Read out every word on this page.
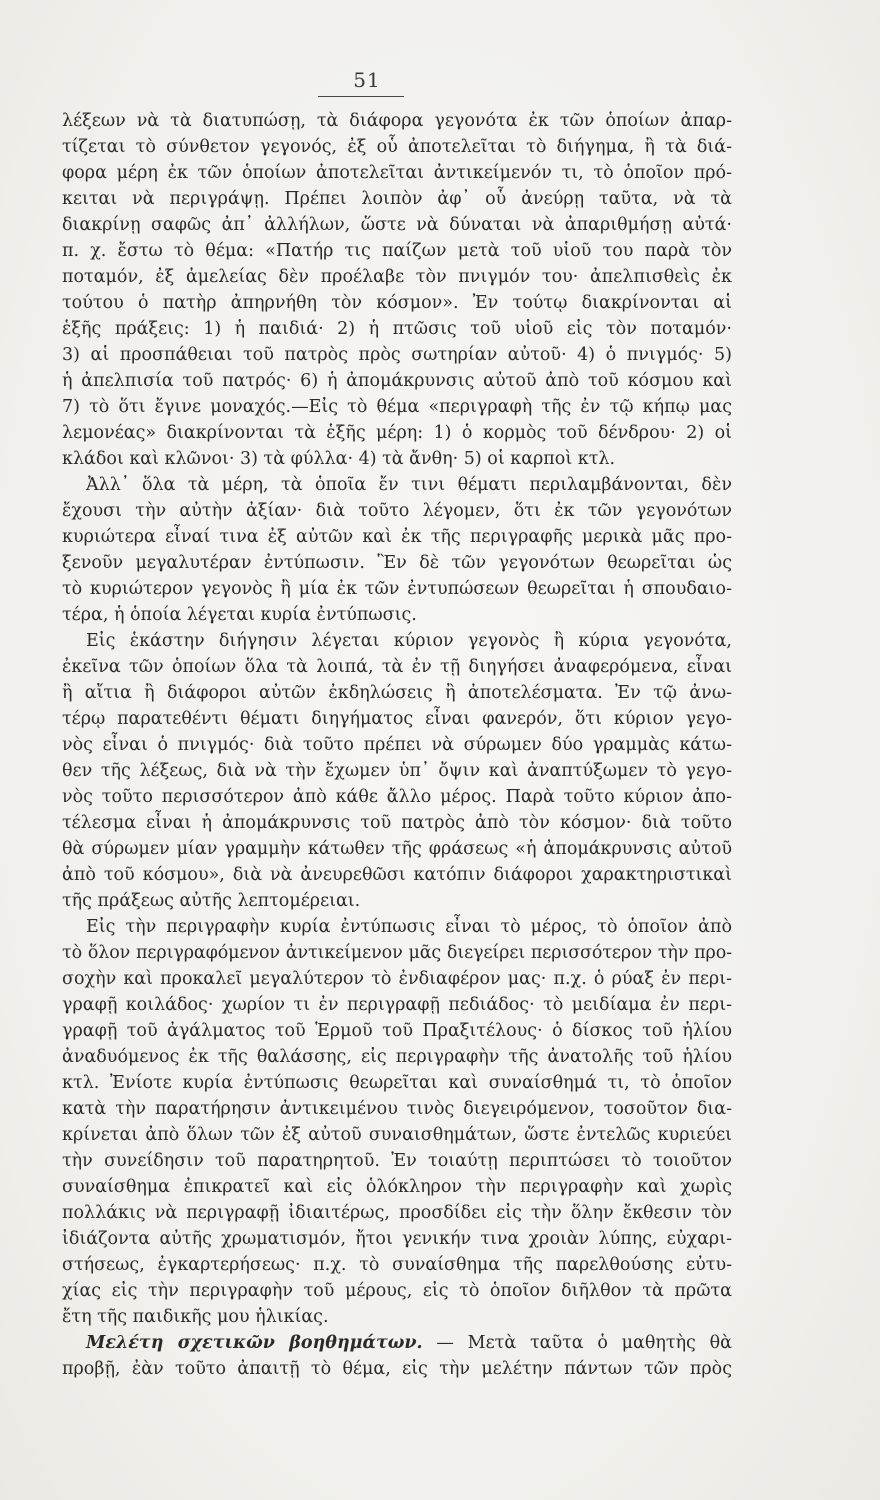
51
λέξεων νὰ τὰ διατυπώσῃ, τὰ διάφορα γεγονότα ἐκ τῶν ὁποίων ἀπαρ-
τίζεται τὸ σύνθετον γεγονός, ἐξ οὗ ἀποτελεῖται τὸ διήγημα, ἢ τὰ διά-
φορα μέρη ἐκ τῶν ὁποίων ἀποτελεῖται ἀντικείμενόν τι, τὸ ὁποῖον πρό-
κειται νὰ περιγράψῃ. Πρέπει λοιπὸν ἀφ᾽ οὗ ἀνεύρῃ ταῦτα, νὰ τὰ
διακρίνῃ σαφῶς ἀπ᾽ ἀλλήλων, ὥστε νὰ δύναται νὰ ἀπαριθμήσῃ αὐτά·
π. χ. ἔστω τὸ θέμα: «Πατήρ τις παίζων μετὰ τοῦ υἱοῦ του παρὰ τὸν
ποταμόν, ἐξ ἀμελείας δὲν προέλαβε τὸν πνιγμόν του· ἀπελπισθεὶς ἐκ
τούτου ὁ πατὴρ ἀπηρνήθη τὸν κόσμον». Ἐν τούτῳ διακρίνονται αἱ
ἑξῆς πράξεις: 1) ἡ παιδιά· 2) ἡ πτῶσις τοῦ υἱοῦ εἰς τὸν ποταμόν·
3) αἱ προσπάθειαι τοῦ πατρὸς πρὸς σωτηρίαν αὐτοῦ· 4) ὁ πνιγμός· 5)
ἡ ἀπελπισία τοῦ πατρός· 6) ἡ ἀπομάκρυνσις αὐτοῦ ἀπὸ τοῦ κόσμου καὶ
7) τὸ ὅτι ἔγινε μοναχός.—Εἰς τὸ θέμα «περιγραφὴ τῆς ἐν τῷ κήπῳ μας
λεμονέας» διακρίνονται τὰ ἑξῆς μέρη: 1) ὁ κορμὸς τοῦ δένδρου· 2) οἱ
κλάδοι καὶ κλῶνοι· 3) τὰ φύλλα· 4) τὰ ἄνθη· 5) οἱ καρποὶ κτλ.
Ἀλλ᾽ ὅλα τὰ μέρη, τὰ ὁποῖα ἔν τινι θέματι περιλαμβάνονται, δὲν
ἔχουσι τὴν αὐτὴν ἀξίαν· διὰ τοῦτο λέγομεν, ὅτι ἐκ τῶν γεγονότων
κυριώτερα εἶναί τινα ἐξ αὐτῶν καὶ ἐκ τῆς περιγραφῆς μερικὰ μᾶς προ-
ξενοῦν μεγαλυτέραν ἐντύπωσιν. Ἓν δὲ τῶν γεγονότων θεωρεῖται ὡς
τὸ κυριώτερον γεγονὸς ἢ μία ἐκ τῶν ἐντυπώσεων θεωρεῖται ἡ σπουδαιο-
τέρα, ἡ ὁποία λέγεται κυρία ἐντύπωσις.
Εἰς ἑκάστην διήγησιν λέγεται κύριον γεγονὸς ἢ κύρια γεγονότα,
ἐκεῖνα τῶν ὁποίων ὅλα τὰ λοιπά, τὰ ἐν τῇ διηγήσει ἀναφερόμενα, εἶναι
ἢ αἴτια ἢ διάφοροι αὐτῶν ἐκδηλώσεις ἢ ἀποτελέσματα. Ἐν τῷ ἀνω-
τέρῳ παρατεθέντι θέματι διηγήματος εἶναι φανερόν, ὅτι κύριον γεγο-
νὸς εἶναι ὁ πνιγμός· διὰ τοῦτο πρέπει νὰ σύρωμεν δύο γραμμὰς κάτω-
θεν τῆς λέξεως, διὰ νὰ τὴν ἔχωμεν ὑπ᾽ ὄψιν καὶ ἀναπτύξωμεν τὸ γεγο-
νὸς τοῦτο περισσότερον ἀπὸ κάθε ἄλλο μέρος. Παρὰ τοῦτο κύριον ἀπο-
τέλεσμα εἶναι ἡ ἀπομάκρυνσις τοῦ πατρὸς ἀπὸ τὸν κόσμον· διὰ τοῦτο
θὰ σύρωμεν μίαν γραμμὴν κάτωθεν τῆς φράσεως «ἡ ἀπομάκρυνσις αὐτοῦ
ἀπὸ τοῦ κόσμου», διὰ νὰ ἀνευρεθῶσι κατόπιν διάφοροι χαρακτηριστικαὶ
τῆς πράξεως αὐτῆς λεπτομέρειαι.
Εἰς τὴν περιγραφὴν κυρία ἐντύπωσις εἶναι τὸ μέρος, τὸ ὁποῖον ἀπὸ
τὸ ὅλον περιγραφόμενον ἀντικείμενον μᾶς διεγείρει περισσότερον τὴν προ-
σοχὴν καὶ προκαλεῖ μεγαλύτερον τὸ ἐνδιαφέρον μας· π.χ. ὁ ρύαξ ἐν περι-
γραφῇ κοιλάδος· χωρίον τι ἐν περιγραφῇ πεδιάδος· τὸ μειδίαμα ἐν περι-
γραφῇ τοῦ ἀγάλματος τοῦ Ἑρμοῦ τοῦ Πραξιτέλους· ὁ δίσκος τοῦ ἡλίου
ἀναδυόμενος ἐκ τῆς θαλάσσης, εἰς περιγραφὴν τῆς ἀνατολῆς τοῦ ἡλίου
κτλ. Ἐνίοτε κυρία ἐντύπωσις θεωρεῖται καὶ συναίσθημά τι, τὸ ὁποῖον
κατὰ τὴν παρατήρησιν ἀντικειμένου τινὸς διεγειρόμενον, τοσοῦτον δια-
κρίνεται ἀπὸ ὅλων τῶν ἐξ αὐτοῦ συναισθημάτων, ὥστε ἐντελῶς κυριεύει
τὴν συνείδησιν τοῦ παρατηρητοῦ. Ἐν τοιαύτῃ περιπτώσει τὸ τοιοῦτον
συναίσθημα ἐπικρατεῖ καὶ εἰς ὁλόκληρον τὴν περιγραφὴν καὶ χωρὶς
πολλάκις νὰ περιγραφῇ ἰδιαιτέρως, προσδίδει εἰς τὴν ὅλην ἔκθεσιν τὸν
ἰδιάζοντα αὐτῆς χρωματισμόν, ἤτοι γενικήν τινα χροιὰν λύπης, εὐχαρι-
στήσεως, ἐγκαρτερήσεως· π.χ. τὸ συναίσθημα τῆς παρελθούσης εὐτυ-
χίας εἰς τὴν περιγραφὴν τοῦ μέρους, εἰς τὸ ὁποῖον διῆλθον τὰ πρῶτα
ἔτη τῆς παιδικῆς μου ἡλικίας.
Μελέτη σχετικῶν βοηθημάτων. — Μετὰ ταῦτα ὁ μαθητὴς θὰ
προβῇ, ἐὰν τοῦτο ἀπαιτῇ τὸ θέμα, εἰς τὴν μελέτην πάντων τῶν πρὸς
